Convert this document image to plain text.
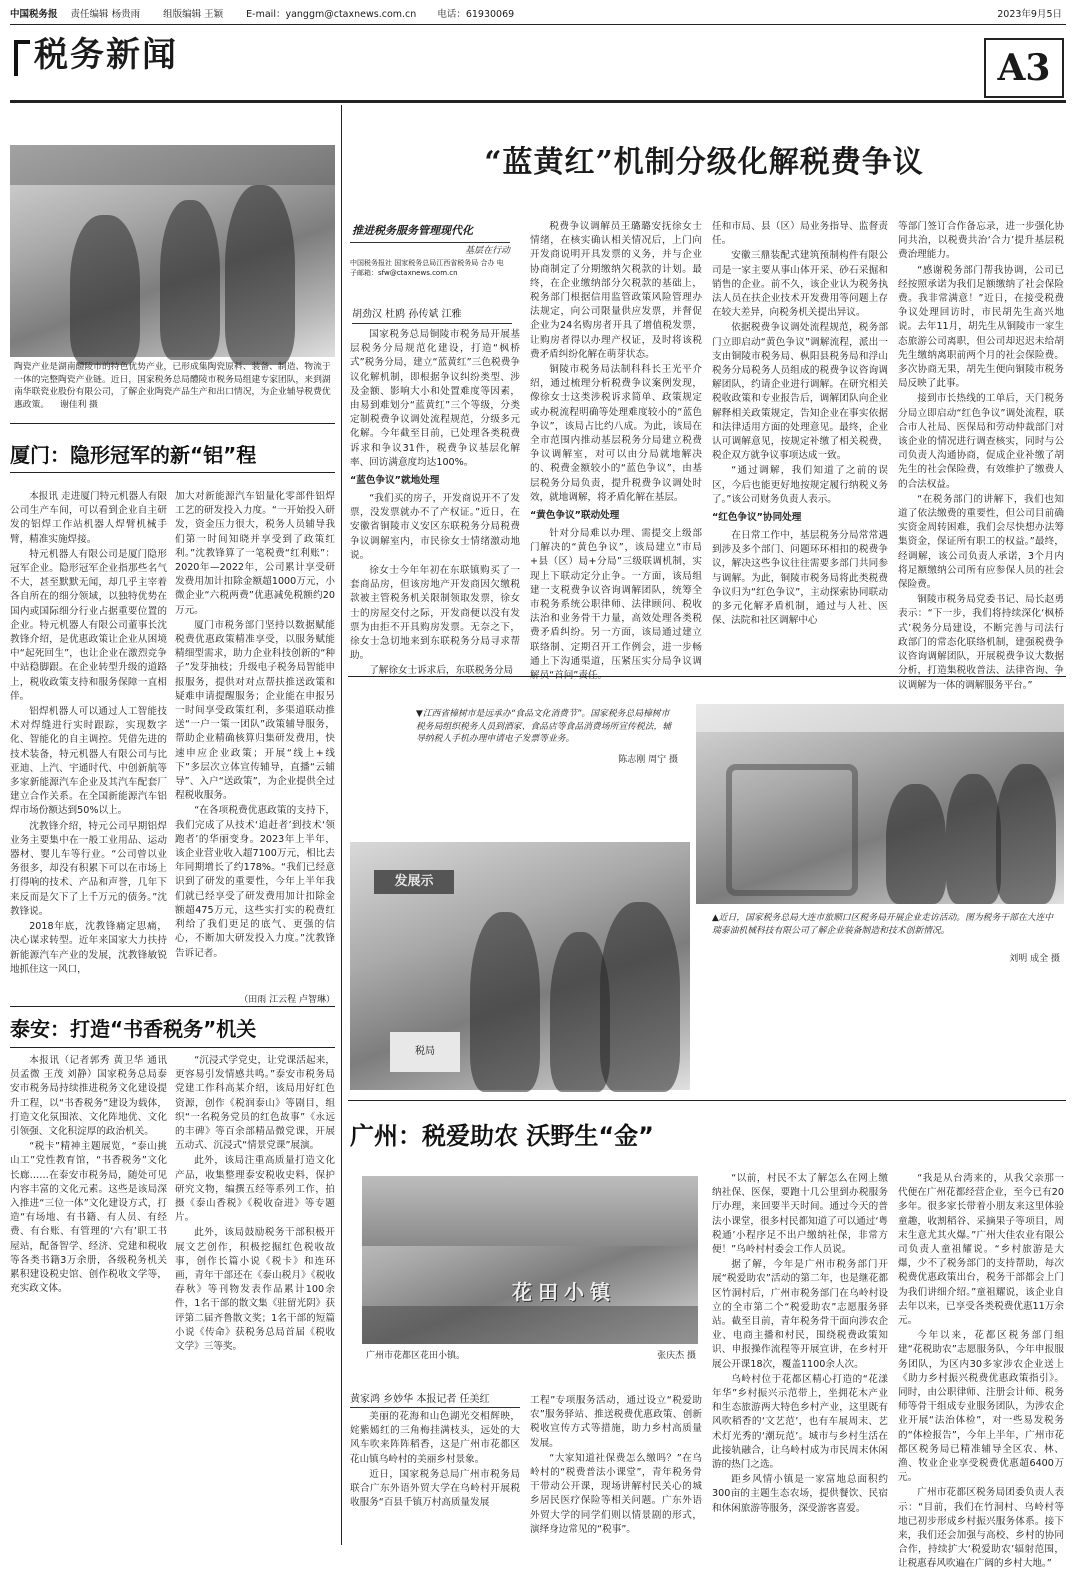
中国税务报 责任编辑 杨贵雨 组版编辑 王颖 E-mail：yanggm@ctaxnews.com.cn 电话：61930069	2023年9月5日
税务新闻	A3
陶瓷产业是湖南醴陵市的特色优势产业，已形成集陶瓷原料、装备、制造、物流于一体的完整陶瓷产业链。近日，国家税务总局醴陵市税务局组建专家团队，来到湖南华联瓷业股份有限公司，了解企业陶瓷产品生产和出口情况，为企业辅导税费优惠政策。 谢佳利 摄
厦门：隐形冠军的新“铝”程

本报讯 走进厦门特元机器人有限公司生产车间，可以看到企业自主研发的铝焊工作站机器人焊臂机械手臂，精准实施焊接。

特元机器人有限公司是厦门隐形冠军企业。隐形冠军企业指那些名气不大，甚至默默无闻，却几乎主宰着各自所在的细分领域，以独特优势在国内或国际细分行业占据重要位置的企业。特元机器人有限公司董事长沈教锋介绍，是优惠政策让企业从困境中“起死回生”，也让企业在激烈竞争中站稳脚跟。在企业转型升级的道路上，税收政策支持和服务保障一直相伴。

铝焊机器人可以通过人工智能技术对焊缝进行实时跟踪，实现数字化、智能化的自主调控。凭借先进的技术装备，特元机器人有限公司与比亚迪、上汽、宇通时代、中创新航等多家新能源汽车企业及其汽车配套厂建立合作关系。在全国新能源汽车铝焊市场份额达到50%以上。

沈教锋介绍，特元公司早期铝焊业务主要集中在一般工业用品、运动器材、婴儿车等行业。“公司曾以业务很多，却没有积累下可以在市场上打得响的技术、产品和声誉，几年下来反而是欠下了上千万元的债务。”沈教锋说。

2018年底，沈教锋痛定思痛，决心谋求转型。近年来国家大力扶持新能源汽车产业的发展，沈教锋敏锐地抓住这一风口，

加大对新能源汽车铝量化零部件铝焊工艺的研发投入力度。“一开始投入研发，资金压力很大，税务人员辅导我们第一时间知晓并享受到了政策红利。”沈教锋算了一笔税费“红利账”：2020年—2022年，公司累计享受研发费用加计扣除金额超1000万元，小微企业“六税两费”优惠减免税额约20万元。

厦门市税务部门坚持以数据赋能税费优惠政策精准享受，以服务赋能精细型需求，助力企业科技创新的“种子”发芽抽枝；升级电子税务局智能申报服务，提供对对点帮扶推送政策和疑难申请提醒服务；企业能在申报另一时间享受政策红利，多渠道联动推送“一户一策一团队”政策辅导服务，帮助企业精确核算归集研发费用，快速申应企业政策；开展“线上+线下”多层次立体宣传辅导，直播“云辅导”、入户“送政策”，为企业提供全过程税收服务。

“在各项税费优惠政策的支持下，我们完成了从技术‘追赶者’到技术‘领跑者’的华丽变身。2023年上半年，该企业营业收入超7100万元，相比去年同期增长了约178%。“我们已经意识到了研发的重要性，今年上半年我们就已经享受了研发费用加计扣除金额超475万元，这些实打实的税费红利给了我们更足的底气、更强的信心，不断加大研发投入力度。”沈教锋告诉记者。

（田雨 江云程 卢智琳）
泰安：打造“书香税务”机关

本报讯（记者郭秀 黄卫华 通讯员孟微 王茂 刘静）国家税务总局泰安市税务局持续推进税务文化建设提升工程，以“书香税务”建设为载体，打造文化氛围浓、文化阵地优、文化引领强、文化积淀厚的政治机关。

“税卡”精神主题展览，“泰山挑山工”党性教育馆，“书香税务”文化长廊……在泰安市税务局，随处可见内容丰富的文化元素。这些是该局深入推进“三位一体”文化建设方式，打造“有场地、有书籍、有人员、有经费、有台账、有管理的‘六有’职工书屋站，配备智学、经济、党建和税收等各类书籍3万余册，各级税务机关累积建设税史馆、创作税收文学等，充实政文体。

“沉浸式学党史，让党课活起来，更容易引发情感共鸣。”泰安市税务局党建工作科高某介绍，该局用好红色资源，创作《税润泰山》等剧目，组织“一名税务党员的红色故事”《永远的丰碑》等百余部精品微党课，开展五动式、沉浸式“情景党课”展演。

此外，该局注重高质量打造文化产品，收集整理泰安税收史料，保护研究文物，编撰五经等系列工作，拍摄《泰山香税》《税收奋进》等专题片。

此外，该局鼓励税务干部积极开展文艺创作，积极挖掘红色税收故事，创作长篇小说《税卡》和连环画，青年干部还在《泰山税月》《税收春秋》等刊物发表作品累计100余件，1名干部的散文集《驻留光阴》获评第二届齐鲁散文奖；1名干部的短篇小说《传命》获税务总局首届《税收文学》三等奖。

“蓝黄红”机制分级化解税费争议
推进税务服务管理现代化
基层在行动
中国税务报社 国家税务总局江西省税务局 合办 电子邮箱：sfw@ctaxnews.com.cn
胡劲汉 杜鸥 孙传斌 江雅

国家税务总局铜陵市税务局开展基层税务分局规范化建设，打造“枫桥式”税务分局，建立“蓝黄红”三色税费争议化解机制，即根据争议纠纷类型、涉及金额、影响大小和处置难度等因素，由易到难划分“蓝黄红”三个等级，分类定制税费争议调处流程规范，分级多元化解。今年截至目前，已处理各类税费诉求和争议31件，税费争议基层化解率、回访满意度均达100%。

“蓝色争议”就地处理

“我们买的房子，开发商说开不了发票，没发票就办不了产权证。”近日，在安徽省铜陵市义安区东联税务分局税费争议调解室内，市民徐女士情绪激动地说。

徐女士今年年初在东联镇购买了一套商品房，但该房地产开发商因欠缴税款被主管税务机关限制领取发票，徐女士的房屋交付之际，开发商便以没有发票为由拒不开具购房发票。无奈之下，徐女士急切地来到东联税务分局寻求帮助。

了解徐女士诉求后，东联税务分局

税费争议调解员王璐璐安抚徐女士情绪，在核实确认相关情况后，上门向开发商说明开具发票的义务，并与企业协商制定了分期缴纳欠税款的计划。最终，在企业缴纳部分欠税款的基础上，税务部门根据信用监管政策风险管理办法规定，向公司限量供应发票，并督促企业为24名购房者开具了增值税发票，让购房者得以办理产权证，及时将该税费矛盾纠纷化解在萌芽状态。

铜陵市税务局法制科科长王光平介绍，通过梳理分析税费争议案例发现，像徐女士这类涉税诉求简单、政策规定或办税流程明确等处理难度较小的“蓝色争议”，该局占比约八成。为此，该局在全市范围内推动基层税务分局建立税费争议调解室，对可以由分局就地解决的、税费金额较小的“蓝色争议”，由基层税务分局负责，提升税费争议调处时效，就地调解，将矛盾化解在基层。

“黄色争议”联动处理

针对分局难以办理、需提交上级部门解决的“黄色争议”，该局建立“市局+县（区）局+分局”三级联调机制，实现上下联动定分止争。一方面，该局组建一支税费争议咨询调解团队，统筹全市税务系统公职律师、法律顾问、税收法治和业务骨干力量，高效处理各类税费矛盾纠纷。另一方面，该局通过建立联络制、定期召开工作例会，进一步畅通上下沟通渠道，压紧压实分局争议调

任和市局、县（区）局业务指导、监督责任。

安徽三鼎装配式建筑预制构件有限公司是一家主要从事山体开采、砂石采掘和销售的企业。前不久，该企业认为税务执法人员在扶企业技术开发费用等问题上存在较大差异，向税务机关提出异议。

依据税费争议调处流程规范，税务部门立即启动“黄色争议”调解流程，派出一支由铜陵市税务局、枞阳县税务局和浮山税务分局税务人员组成的税费争议咨询调解团队，约请企业进行调解。在研究相关税收政策和专业报告后，调解团队向企业解释相关政策规定，告知企业在事实依据和法律适用方面的处理意见。最终，企业认可调解意见，按规定补缴了相关税费，税企双方就争议事项达成一致。

“通过调解，我们知道了之前的误区，今后也能更好地按规定履行纳税义务了。”该公司财务负责人表示。

“红色争议”协同处理

在日常工作中，基层税务分局常常遇到涉及多个部门、问题环环相扣的税费争议，解决这些争议往往需要多部门共同参与调解。为此，铜陵市税务局将此类税费争议归为“红色争议”，主动探索协同联动的多元化解矛盾机制，通过与人社、医保、法院和社区调解中心

等部门签订合作备忘录，进一步强化协同共治，以税费共治‘合力’提升基层税费治理能力。

“感谢税务部门帮我协调，公司已经按照承诺为我们足额缴纳了社会保险费。我非常满意！”近日，在接受税费争议处理回访时，市民胡先生高兴地说。去年11月，胡先生从铜陵市一家生态旅游公司离职，但公司却迟迟未给胡先生缴纳离职前两个月的社会保险费。多次协商无果，胡先生便向铜陵市税务局反映了此事。

接到市长热线的工单后，天门税务分局立即启动“红色争议”调处流程，联合市人社局、医保局和劳动仲裁部门对该企业的情况进行调查核实，同时与公司负责人沟通协商，促成企业补缴了胡先生的社会保险费，有效维护了缴费人的合法权益。

“在税务部门的讲解下，我们也知道了依法缴费的重要性，但公司目前确实资金周转困难，我们会尽快想办法筹集资金，保证所有职工的权益。”最终，经调解，该公司负责人承诺，3个月内将足额缴纳公司所有应参保人员的社会保险费。

铜陵市税务局党委书记、局长赵勇表示：“下一步，我们将持续深化‘枫桥式’税务分局建设，不断完善与司法行政部门的常态化联络机制，建强税费争议咨询调解团队，开展税费争议大数据分析，打造集税收普法、法律咨询、争议调解为一体的调解服务平台。”

▼江西省樟树市是远承办“食品文化消费节”。国家税务总局樟树市税务局组织税务人员到酒家、食品店等食品消费场所宣传税法，辅导纳税人手机办理申请电子发票等业务。
陈志刚 周宁 摄
发展示
税局
▲近日，国家税务总局大连市旅顺口区税务局开展企业走访活动。图为税务干部在大连中瑞泰油机械科技有限公司了解企业装备制造和技术创新情况。
刘明 成全 摄
广州：税爱助农 沃野生“金”
花田小镇
广州市花都区花田小镇。	张庆杰 摄
黄家鸿 乡妙华 本报记者 任美红

美丽的花海和山色湖光交相辉映，姹紫嫣红的三角梅挂满枝头，远处的大风车吹来阵阵稻香，这是广州市花都区花山镇乌岭村的美丽乡村景象。

近日，国家税务总局广州市税务局联合广东外语外贸大学在乌岭村开展税收服务“百县千镇万村高质量发展

工程”专项服务活动，通过设立“税爱助农”服务驿站、推送税费优惠政策、创新税收宣传方式等措施，助力乡村高质量发展。

“大家知道社保费怎么缴吗？”在乌岭村的“税费普法小课堂”，青年税务骨干带动公开课，现场讲解村民关心的城乡居民医疗保险等相关问题。广东外语外贸大学的同学们则以情景剧的形式，演绎身边常见的“税事”。

“以前，村民不太了解怎么在网上缴纳社保、医保，要跑十几公里到办税服务厅办理，来回要半天时间。通过今天的普法小课堂，很多村民都知道了可以通过‘粤税通’小程序足不出户缴纳社保，非常方便！”乌岭村村委会工作人员说。

据了解，今年是广州市税务部门开展“税爱助农”活动的第二年，也是继花都区竹洞村后，广州市税务部门在乌岭村设立的全市第二个“税爱助农”志愿服务驿站。截至目前，青年税务骨干面向涉农企业、电商主播和村民，围绕税费政策知识、申报操作流程等开展宣讲，在乡村开展公开课18次，覆盖1100余人次。

乌岭村位于花都区精心打造的“花漾年华”乡村振兴示范带上，坐拥花木产业和生态旅游两大特色乡村产业，这里既有风吹稻香的‘文艺范’，也有车展周末、艺术灯光秀的‘潮玩范’。城市与乡村生活在此接轨融合，让乌岭村成为市民周末休闲游的热门之选。

距乡风情小镇是一家富地总面积约300亩的主题生态农场，提供餐饮、民宿和休闲旅游等服务，深受游客喜爱。

“我是从台湾来的，从我父亲那一代便在广州花都经营企业，至今已有20多年。很多家长带着小朋友来这里体验童趣，收割稻谷、采摘果子等项目，周末生意尤其火爆。”广州大佳农业有限公司负责人童祖耀说。“乡村旅游是大爆，少不了税务部门的支持帮助，每次税费优惠政策出台，税务干部都会上门为我们讲细介绍。”童祖耀说，该企业自去年以来，已享受各类税费优惠11万余元。

今年以来，花都区税务部门组建“花税助农”志愿服务队，今年申报服务团队，为区内30多家涉农企业送上《助力乡村振兴税费优惠政策指引》。同时，由公职律师、注册会计师、税务师等骨干组成专业服务团队，为涉农企业开展“法治体检”，对一些易发税务的“体检报告”，今年上半年，广州市花都区税务局已精准辅导全区农、林、渔、牧业企业享受税费优惠超6400万元。

广州市花都区税务局团委负责人表示：“目前，我们在竹洞村、乌岭村等地已初步形成乡村振兴服务体系。接下来，我们还会加强与高校、乡村的协同合作，持续扩大‘税爱助农’辐射范围，让税惠春风吹遍在广阔的乡村大地。”
